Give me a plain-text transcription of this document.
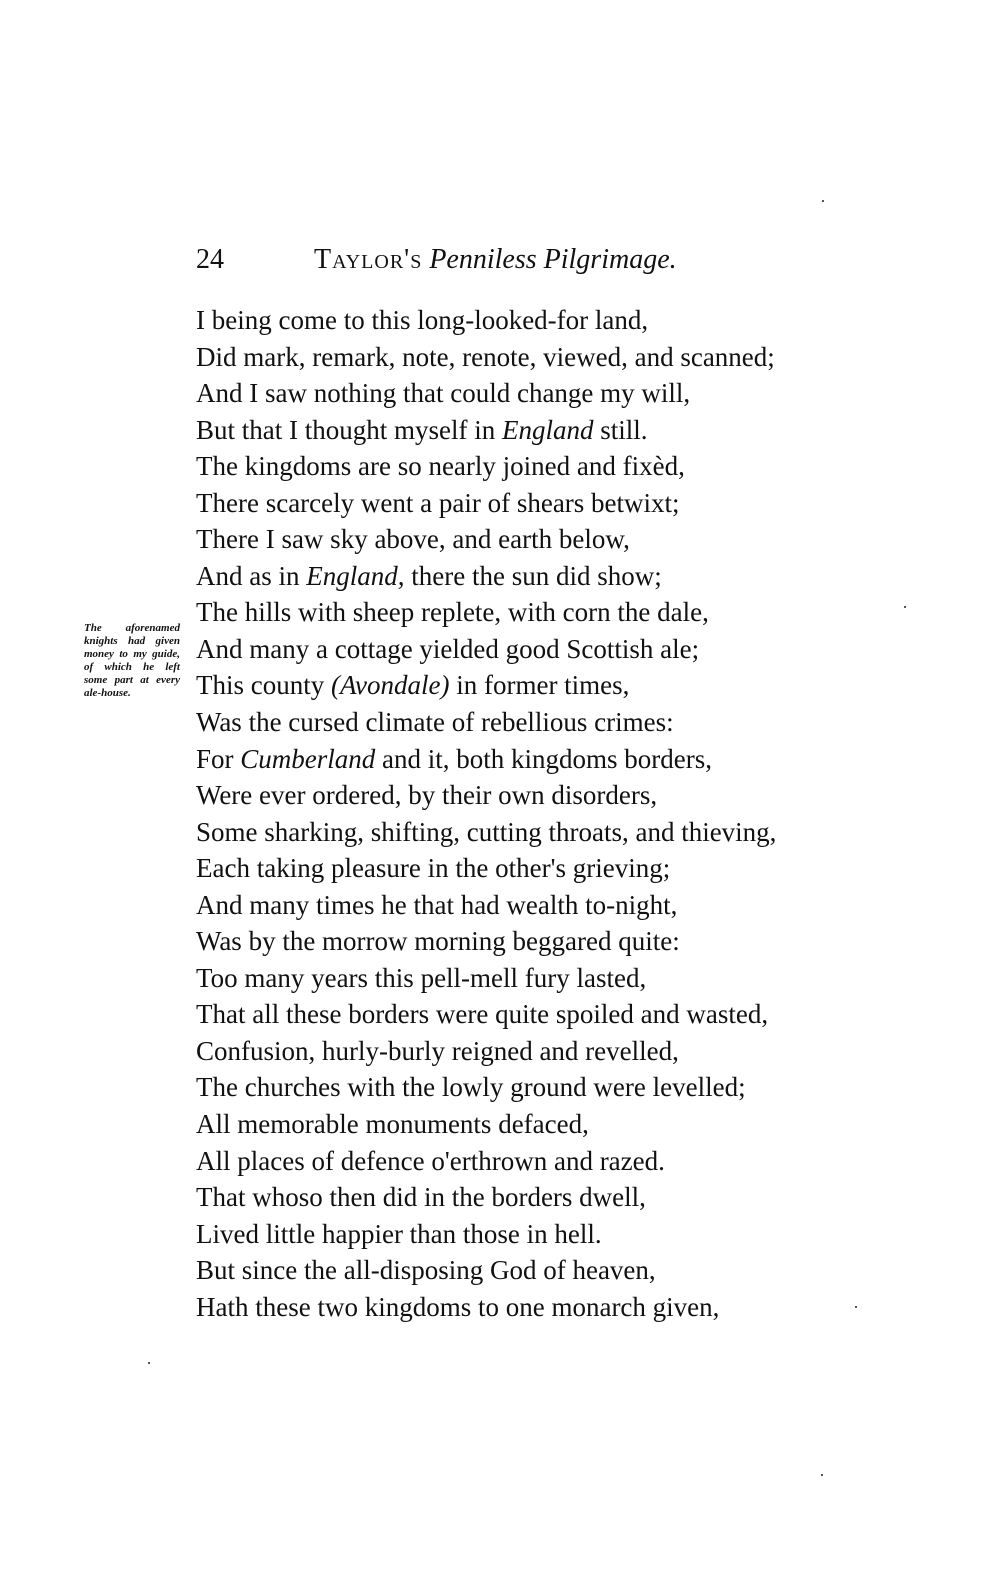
24	Taylor's Penniless Pilgrimage.
The aforenamed knights had given money to my guide, of which he left some part at every ale-house.
I being come to this long-looked-for land,
Did mark, remark, note, renote, viewed, and scanned;
And I saw nothing that could change my will,
But that I thought myself in England still.
The kingdoms are so nearly joined and fixèd,
There scarcely went a pair of shears betwixt;
There I saw sky above, and earth below,
And as in England, there the sun did show;
The hills with sheep replete, with corn the dale,
And many a cottage yielded good Scottish ale;
This county (Avondale) in former times,
Was the cursed climate of rebellious crimes:
For Cumberland and it, both kingdoms borders,
Were ever ordered, by their own disorders,
Some sharking, shifting, cutting throats, and thieving,
Each taking pleasure in the other's grieving;
And many times he that had wealth to-night,
Was by the morrow morning beggared quite:
Too many years this pell-mell fury lasted,
That all these borders were quite spoiled and wasted,
Confusion, hurly-burly reigned and revelled,
The churches with the lowly ground were levelled;
All memorable monuments defaced,
All places of defence o'erthrown and razed.
That whoso then did in the borders dwell,
Lived little happier than those in hell.
But since the all-disposing God of heaven,
Hath these two kingdoms to one monarch given,
